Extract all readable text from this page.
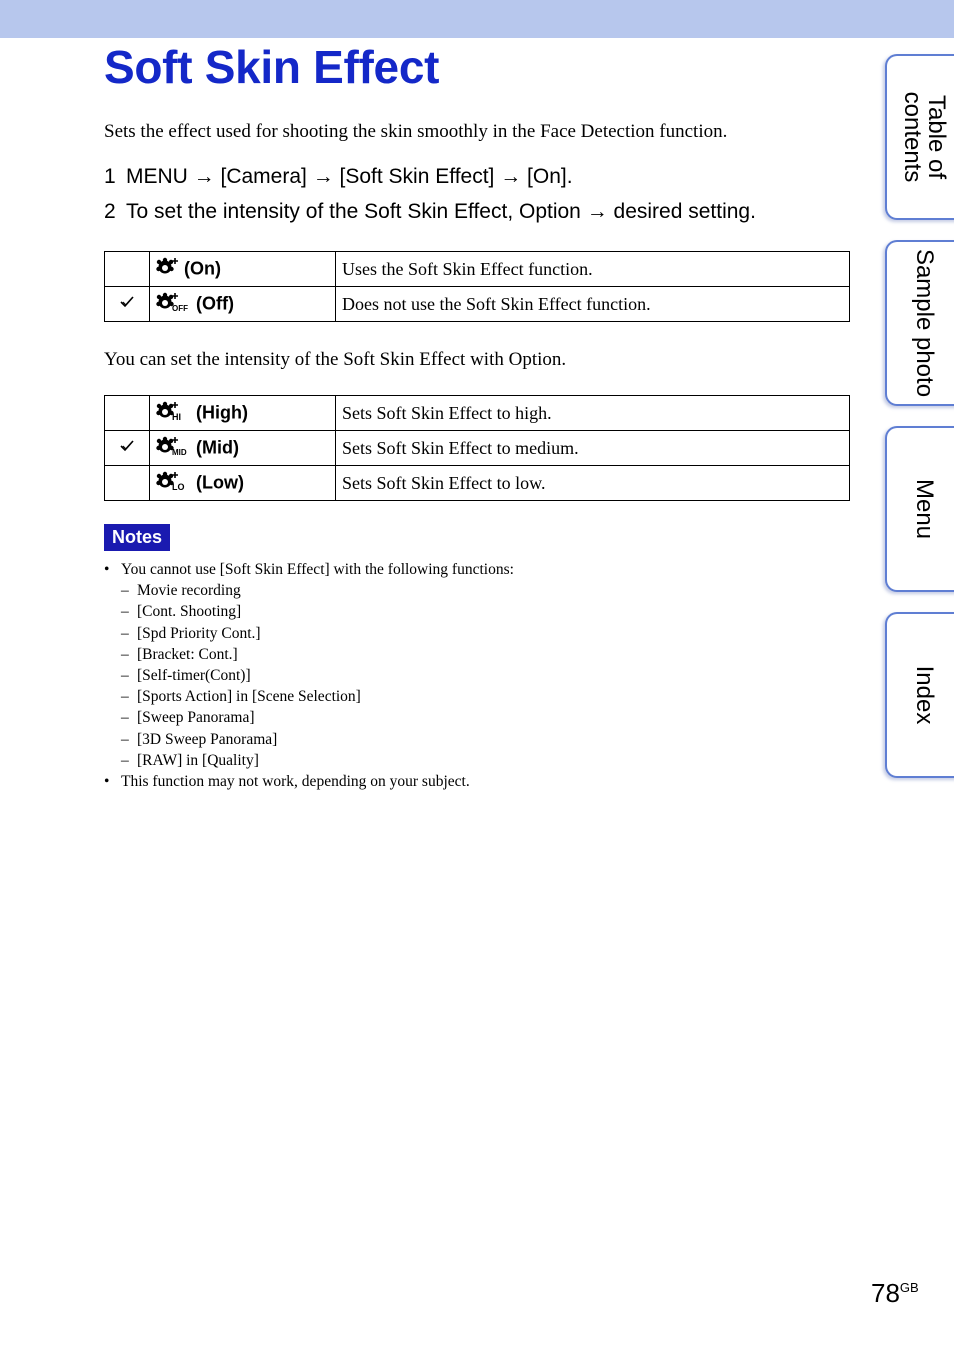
Soft Skin Effect

Sets the effect used for shooting the skin smoothly in the Face Detection function.

1 MENU → [Camera] → [Soft Skin Effect] → [On].
2 To set the intensity of the Soft Skin Effect, Option → desired setting.
	(On)	Uses the Soft Skin Effect function.

OFF (Off)	Does not use the Soft Skin Effect function.

You can set the intensity of the Soft Skin Effect with Option.

HI (High)	Sets Soft Skin Effect to high.

MID (Mid)	Sets Soft Skin Effect to medium.

LO (Low)	Sets Soft Skin Effect to low.
Notes
• You cannot use [Soft Skin Effect] with the following functions:
– Movie recording
– [Cont. Shooting]
– [Spd Priority Cont.]
– [Bracket: Cont.]
– [Self-timer(Cont)]
– [Sports Action] in [Scene Selection]
– [Sweep Panorama]
– [3D Sweep Panorama]
– [RAW] in [Quality]
• This function may not work, depending on your subject.
Table of contents
Sample photo
Menu
Index
$78^{GB}$
